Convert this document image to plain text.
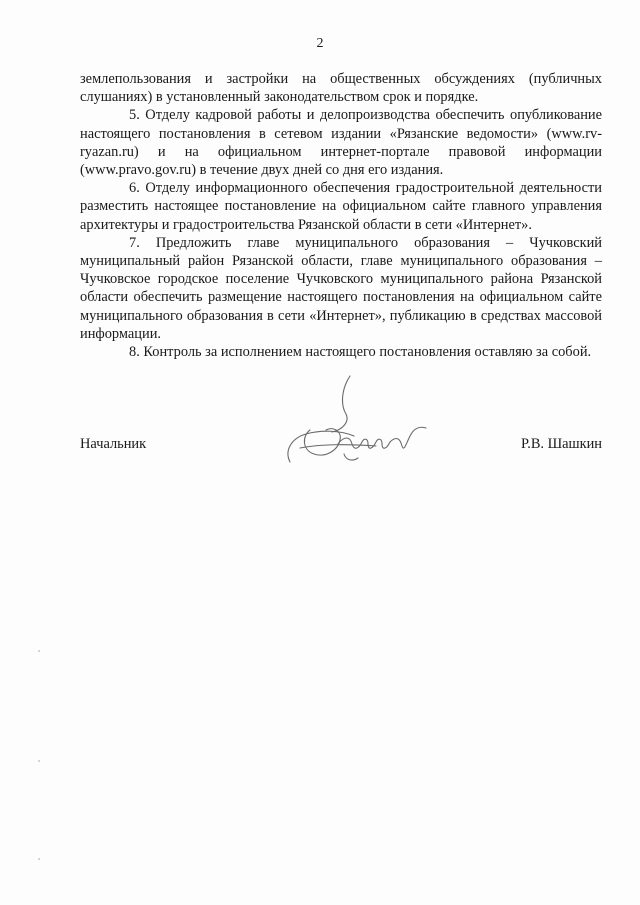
2

землепользования и застройки на общественных обсуждениях (публичных слушаниях) в установленный законодательством срок и порядке.

5. Отделу кадровой работы и делопроизводства обеспечить опубликование настоящего постановления в сетевом издании «Рязанские ведомости» (www.rv-ryazan.ru) и на официальном интернет-портале правовой информации (www.pravo.gov.ru) в течение двух дней со дня его издания.

6. Отделу информационного обеспечения градостроительной деятельности разместить настоящее постановление на официальном сайте главного управления архитектуры и градостроительства Рязанской области в сети «Интернет».

7. Предложить главе муниципального образования – Чучковский муниципальный район Рязанской области, главе муниципального образования – Чучковское городское поселение Чучковского муниципального района Рязанской области обеспечить размещение настоящего постановления на официальном сайте муниципального образования в сети «Интернет», публикацию в средствах массовой информации.

8. Контроль за исполнением настоящего постановления оставляю за собой.

Начальник	Р.В. Шашкин
